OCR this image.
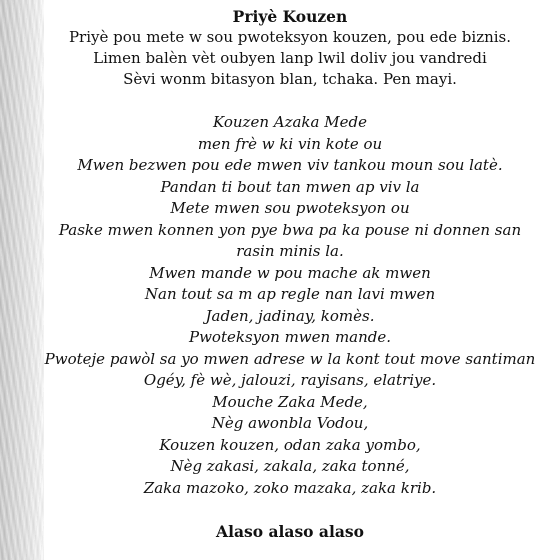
Priyè Kouzen

Priyè pou mete w sou pwoteksyon kouzen, pou ede biznis.

Limen balèn vèt oubyen lanp lwil doliv jou vandredi

Sèvi wonm bitasyon blan, tchaka. Pen mayi.

Kouzen Azaka Mede

men frè w ki vin kote ou

Mwen bezwen pou ede mwen viv tankou moun sou latè.

Pandan ti bout tan mwen ap viv la

Mete mwen sou pwoteksyon ou

Paske mwen konnen yon pye bwa pa ka pouse ni donnen san

rasin minis la.

Mwen mande w pou mache ak mwen

Nan tout sa m ap regle nan lavi mwen

Jaden, jadinay, komès.

Pwoteksyon mwen mande.

Pwoteje pawòl sa yo mwen adrese w la kont tout move santiman

Ogéy, fè wè, jalouzi, rayisans, elatriye.

Mouche Zaka Mede,

Nèg awonbla Vodou,

Kouzen kouzen, odan zaka yombo,

Nèg zakasi, zakala, zaka tonné,

Zaka mazoko, zoko mazaka, zaka krib.

Alaso alaso alaso
